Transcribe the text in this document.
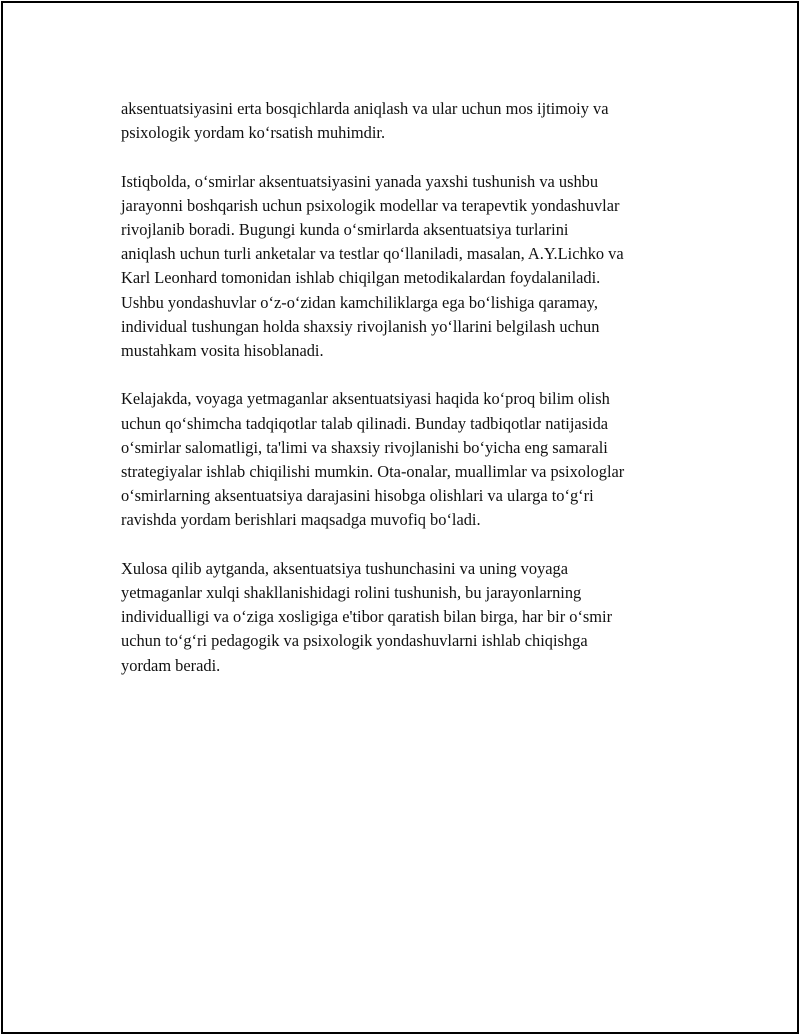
aksentuatsiyasini erta bosqichlarda aniqlash va ular uchun mos ijtimoiy va
psixologik yordam koʻrsatish muhimdir.

Istiqbolda, oʻsmirlar aksentuatsiyasini yanada yaxshi tushunish va ushbu
jarayonni boshqarish uchun psixologik modellar va terapevtik yondashuvlar
rivojlanib boradi. Bugungi kunda oʻsmirlarda aksentuatsiya turlarini
aniqlash uchun turli anketalar va testlar qoʻllaniladi, masalan, A.Y.Lichko va
Karl Leonhard tomonidan ishlab chiqilgan metodikalardan foydalaniladi.
Ushbu yondashuvlar oʻz-oʻzidan kamchiliklarga ega boʻlishiga qaramay,
individual tushungan holda shaxsiy rivojlanish yoʻllarini belgilash uchun
mustahkam vosita hisoblanadi.

Kelajakda, voyaga yetmaganlar aksentuatsiyasi haqida koʻproq bilim olish
uchun qoʻshimcha tadqiqotlar talab qilinadi. Bunday tadbiqotlar natijasida
oʻsmirlar salomatligi, ta'limi va shaxsiy rivojlanishi boʻyicha eng samarali
strategiyalar ishlab chiqilishi mumkin. Ota-onalar, muallimlar va psixologlar
oʻsmirlarning aksentuatsiya darajasini hisobga olishlari va ularga toʻgʻri
ravishda yordam berishlari maqsadga muvofiq boʻladi.

Xulosa qilib aytganda, aksentuatsiya tushunchasini va uning voyaga
yetmaganlar xulqi shakllanishidagi rolini tushunish, bu jarayonlarning
individualligi va oʻziga xosligiga e'tibor qaratish bilan birga, har bir oʻsmir
uchun toʻgʻri pedagogik va psixologik yondashuvlarni ishlab chiqishga
yordam beradi.
